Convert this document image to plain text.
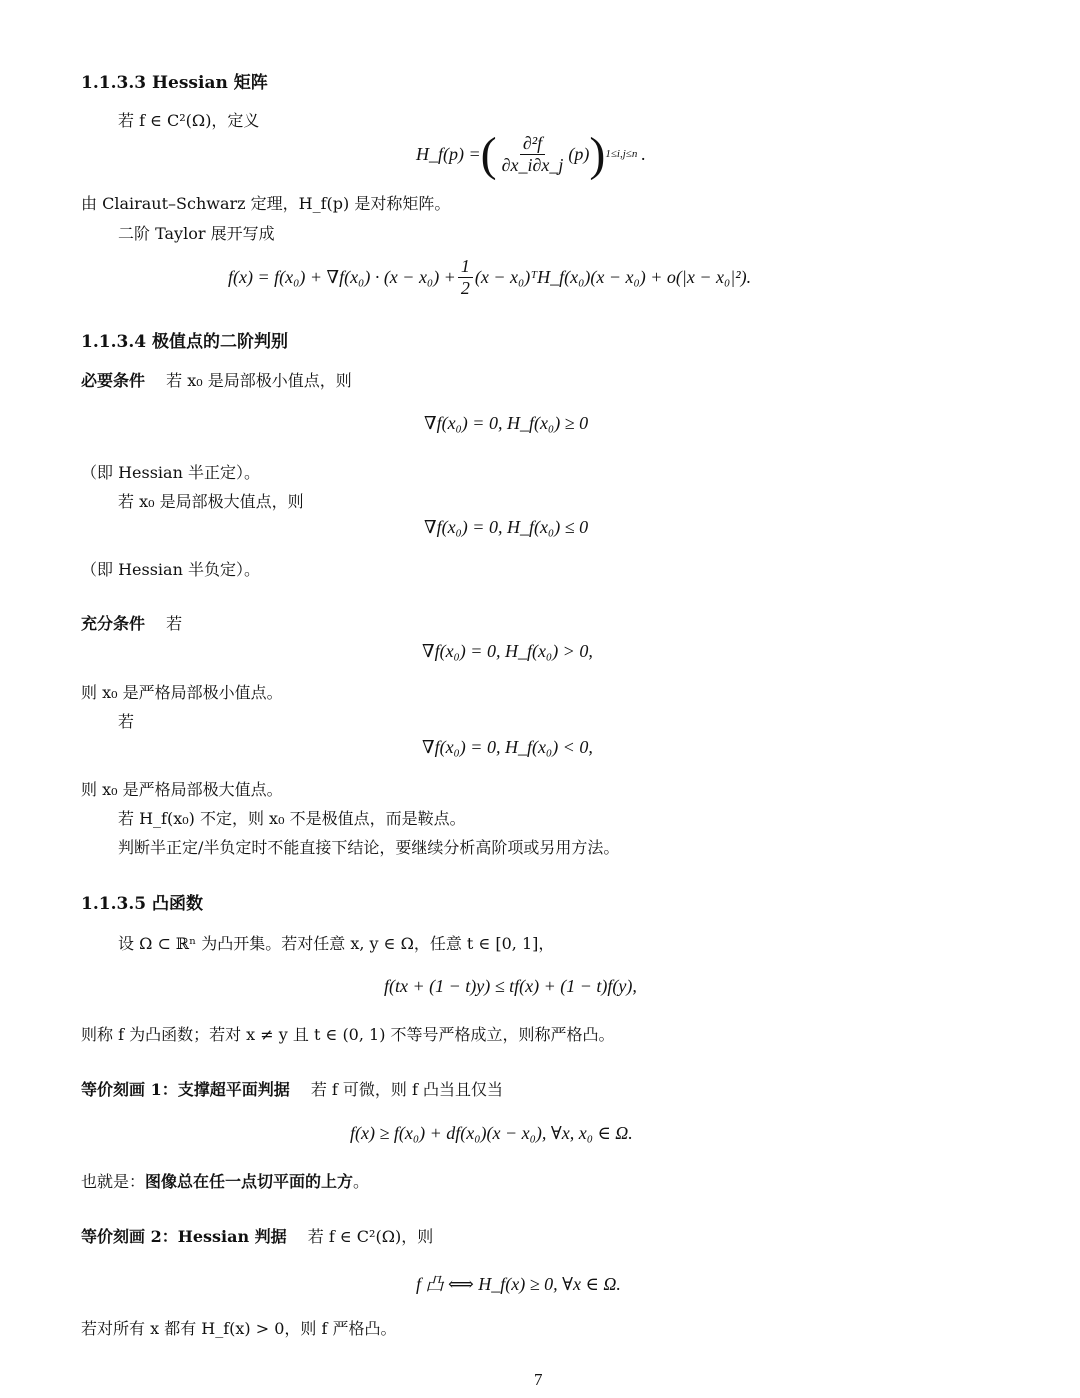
1.1.3.3 Hessian 矩阵
若 f ∈ C²(Ω)，定义
H_f(p) = ( $\frac{\text{∂²f}}{\partial x\_i\partial x\_j} (p)$ ) 1≤i,j≤n .
由 Clairaut–Schwarz 定理，H_f(p) 是对称矩阵。
二阶 Taylor 展开写成
$f(x) = f(x_0) + \nabla f(x_0) \cdot (x - x_0) + \frac{1}{2} (x$ − x₀)ᵀH_f(x₀)(x − x₀) + o(|x − x₀|²).
1.1.3.4 极值点的二阶判别
必要条件 若 x₀ 是局部极小值点，则
∇f(x₀) = 0, H_f(x₀) ≥ 0
（即 Hessian 半正定）。
若 x₀ 是局部极大值点，则
∇f(x₀) = 0, H_f(x₀) ≤ 0
（即 Hessian 半负定）。
充分条件 若
∇f(x₀) = 0, H_f(x₀) > 0,
则 x₀ 是严格局部极小值点。
若
∇f(x₀) = 0, H_f(x₀) < 0,
则 x₀ 是严格局部极大值点。
若 H_f(x₀) 不定，则 x₀ 不是极值点，而是鞍点。
判断半正定/半负定时不能直接下结论，要继续分析高阶项或另用方法。
1.1.3.5 凸函数
设 Ω ⊂ ℝⁿ 为凸开集。若对任意 x, y ∈ Ω，任意 t ∈ [0, 1]，
f(tx + (1 − t)y) ≤ tf(x) + (1 − t)f(y),
则称 f 为凸函数；若对 x ≠ y 且 t ∈ (0, 1) 不等号严格成立，则称严格凸。
等价刻画 1：支撑超平面判据 若 f 可微，则 f 凸当且仅当
f(x) ≥ f(x₀) + df(x₀)(x − x₀), ∀x, x₀ ∈ Ω.
也就是：图像总在任一点切平面的上方。
等价刻画 2：Hessian 判据 若 f ∈ C²(Ω)，则
f 凸 ⟺ H_f(x) ≥ 0, ∀x ∈ Ω.
若对所有 x 都有 H_f(x) > 0，则 f 严格凸。
7
